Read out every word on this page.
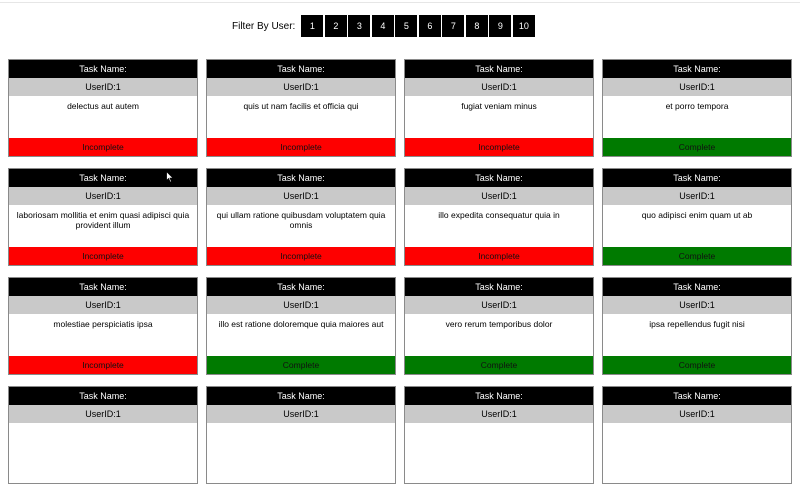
Filter By User:	1	2	3	4	5	6	7	8	9	10
Task Name:
UserID:1
delectus aut autem
Incomplete
Task Name:
UserID:1
quis ut nam facilis et officia qui
Incomplete
Task Name:
UserID:1
fugiat veniam minus
Incomplete
Task Name:
UserID:1
et porro tempora
Complete
Task Name:
UserID:1
laboriosam mollitia et enim quasi adipisci quia provident illum
Incomplete
Task Name:
UserID:1
qui ullam ratione quibusdam voluptatem quia omnis
Incomplete
Task Name:
UserID:1
illo expedita consequatur quia in
Incomplete
Task Name:
UserID:1
quo adipisci enim quam ut ab
Complete
Task Name:
UserID:1
molestiae perspiciatis ipsa
Incomplete
Task Name:
UserID:1
illo est ratione doloremque quia maiores aut
Complete
Task Name:
UserID:1
vero rerum temporibus dolor
Complete
Task Name:
UserID:1
ipsa repellendus fugit nisi
Complete
Task Name:
UserID:1
Task Name:
UserID:1
Task Name:
UserID:1
Task Name:
UserID:1
